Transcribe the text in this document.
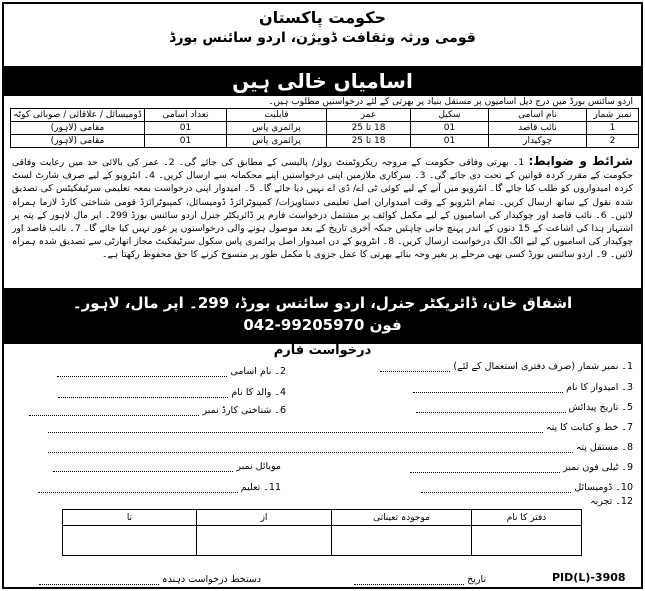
حکومت پاکستان
قومی ورثہ وثقافت ڈویژن، اردو سائنس بورڈ
اسامیاں خالی ہیں
اردو سائنس بورڈ میں درج ذیل اسامیوں پر مستقل بنیاد پر بھرتی کے لئے درخواستیں مطلوب ہیں۔
نمبر شمار	نام اسامی	سکیل	عمر	قابلیت	تعداد اسامی	ڈومیسائل / علاقائی / صوبائی کوٹہ
1	نائب قاصد	01	18 تا 25	پرائمری پاس	01	مقامی (لاہور)
2	چوکیدار	01	18 تا 25	پرائمری پاس	01	مقامی (لاہور)
شرائط و ضوابط: 1۔ بھرتی وفاقی حکومت کے مروجہ ریکروٹمنٹ رولز/ پالیسی کے مطابق کی جائے گی۔ 2۔ عمر کی بالائی حد میں رعایت وفاقی حکومت کے مقرر کردہ قوانین کے تحت دی جائے گی۔ 3۔ سرکاری ملازمین اپنی درخواستیں اپنے محکمانہ سے ارسال کریں۔ 4۔ انٹرویو کے لیے صرف شارٹ لسٹ کردہ امیدواروں کو طلب کیا جائے گا۔ انٹرویو میں آنے کے لیے کوئی ٹی اے/ ڈی اے نہیں دیا جائے گا۔ 5۔ امیدوار اپنی درخواست بمعہ تعلیمی سرٹیفکیٹس کی تصدیق شدہ نقول کے ساتھ ارسال کریں۔ تمام انٹرویو کے وقت امیدواران اصل تعلیمی دستاویزات/ کمپیوٹرائزڈ ڈومیسائل، کمپیوٹرائزڈ قومی شناختی کارڈ لازما ہمراہ لائیں۔ 6۔ نائب قاصد اور چوکیدار کی اسامیوں کے لیے مکمل کوائف پر مشتمل درخواست فارم پر ڈائریکٹر جنرل اردو سائنس بورڈ 299۔ اپر مال لاہور کے پتہ پر اشتہار ہذا کی اشاعت کے 15 دنوں کے اندر پہنچ جانی چاہئیں جبکہ آخری تاریخ کے بعد موصول ہونے والی درخواستوں پر غور نہیں کیا جائے گا۔ 7۔ نائب قاصد اور چوکیدار کی اسامیوں کے لیے الگ الگ درخواست ارسال کریں۔ 8۔ انٹرویو کے دن امیدوار اصل پرائمری پاس سکول سرٹیفکیٹ مجاز اتھارٹی سے تصدیق شدہ ہمراہ لائیں۔ 9۔ اردو سائنس بورڈ کسی بھی مرحلے پر بغیر وجہ بتائے بھرتی کا عمل جزوی یا مکمل طور پر منسوخ کرنے کا حق محفوظ رکھتا ہے۔
اشفاق خان، ڈائریکٹر جنرل، اردو سائنس بورڈ، 299۔ اپر مال، لاہور۔
042-99205970 فون
درخواست فارم
1۔ نمبر شمار (صرف دفتری استعمال کے لئے)
3۔ امیدوار کا نام
5۔ تاریخ پیدائش
7۔ خط و کتابت کا پتہ
8۔ مستقل پتہ
9۔ ٹیلی فون نمبر
10۔ ڈومیسائل
12۔ تجربہ
2۔ نام اسامی
4۔ والد کا نام
6۔ شناختی کارڈ نمبر
موبائل نمبر
11۔ تعلیم
دفتر کا نام	موجودہ تعیناتی	از	تا

تاریخ
دستخط درخواست دہندہ	PID(L)-3908
